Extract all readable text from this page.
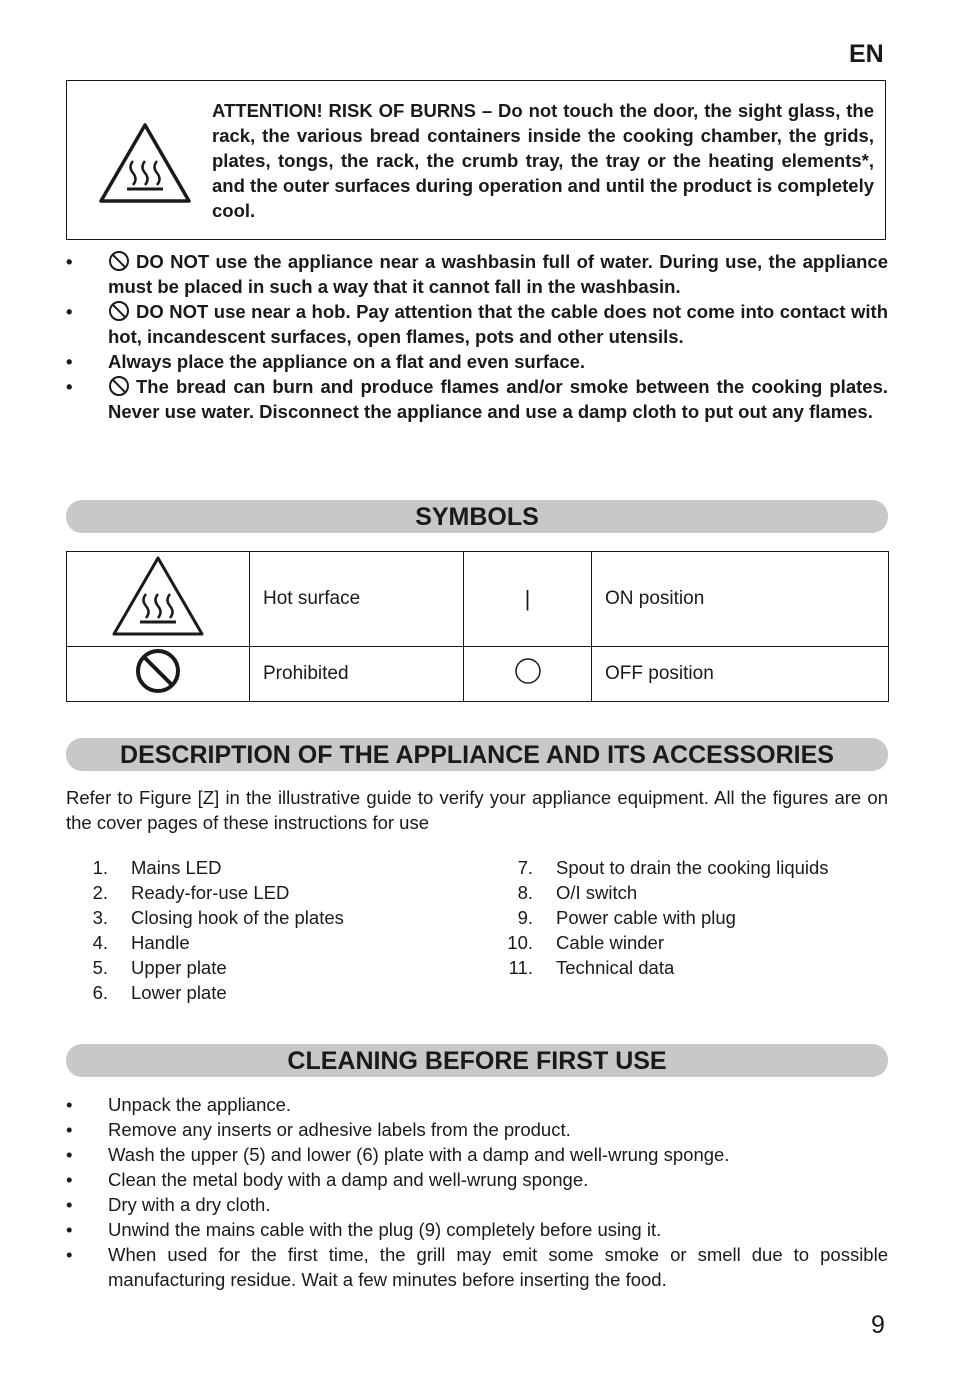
EN
ATTENTION! RISK OF BURNS – Do not touch the door, the sight glass, the rack, the various bread containers inside the cooking chamber, the grids, plates, tongs, the rack, the crumb tray, the tray or the heating elements*, and the outer surfaces during operation and until the product is completely cool.
•	DO NOT use the appliance near a washbasin full of water. During use, the appliance must be placed in such a way that it cannot fall in the washbasin.
•	DO NOT use near a hob. Pay attention that the cable does not come into contact with hot, incandescent surfaces, open flames, pots and other utensils.
•	Always place the appliance on a flat and even surface.
•	The bread can burn and produce flames and/or smoke between the cooking plates. Never use water. Disconnect the appliance and use a damp cloth to put out any flames.
SYMBOLS
	Hot surface	|	ON position
	Prohibited		OFF position
DESCRIPTION OF THE APPLIANCE AND ITS ACCESSORIES
Refer to Figure [Z] in the illustrative guide to verify your appliance equipment. All the figures are on the cover pages of these instructions for use
1. Mains LED
2. Ready-for-use LED
3. Closing hook of the plates
4. Handle
5. Upper plate
6. Lower plate
7. Spout to drain the cooking liquids
8. O/I switch
9. Power cable with plug
10. Cable winder
11. Technical data
CLEANING BEFORE FIRST USE
•	Unpack the appliance.
•	Remove any inserts or adhesive labels from the product.
•	Wash the upper (5) and lower (6) plate with a damp and well-wrung sponge.
•	Clean the metal body with a damp and well-wrung sponge.
•	Dry with a dry cloth.
•	Unwind the mains cable with the plug (9) completely before using it.
•	When used for the first time, the grill may emit some smoke or smell due to possible manufacturing residue. Wait a few minutes before inserting the food.
9
